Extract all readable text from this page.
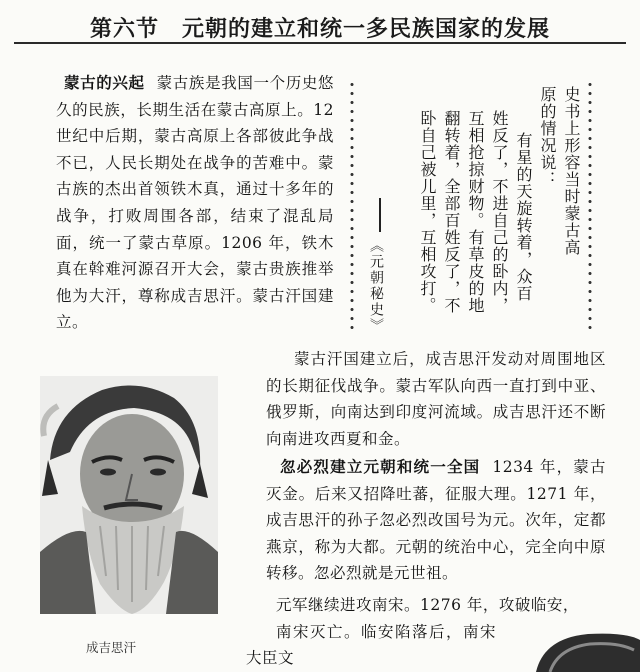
第六节　元朝的建立和统一多民族国家的发展
蒙古的兴起 蒙古族是我国一个历史悠久的民族，长期生活在蒙古高原上。12 世纪中后期，蒙古高原上各部彼此争战不已，人民长期处在战争的苦难中。蒙古族的杰出首领铁木真，通过十多年的战争，打败周围各部，结束了混乱局面，统一了蒙古草原。1206 年，铁木真在斡难河源召开大会，蒙古贵族推举他为大汗，尊称成吉思汗。蒙古汗国建立。
史书上形容当时蒙古高
原的情况说：
有星的天旋转着，众百
姓反了，不进自己的卧内，
互相抢掠财物。有草皮的地
翻转着，全部百姓反了，不
卧自己被儿里，互相攻打。
《元朝秘史》
成吉思汗
蒙古汗国建立后，成吉思汗发动对周围地区的长期征伐战争。蒙古军队向西一直打到中亚、俄罗斯，向南达到印度河流域。成吉思汗还不断向南进攻西夏和金。
忽必烈建立元朝和统一全国 1234 年，蒙古灭金。后来又招降吐蕃，征服大理。1271 年，成吉思汗的孙子忽必烈改国号为元。次年，定都燕京，称为大都。元朝的统治中心，完全向中原转移。忽必烈就是元世祖。
元军继续进攻南宋。1276 年，攻破临安，
南宋灭亡。临安陷落后，南宋大臣文
